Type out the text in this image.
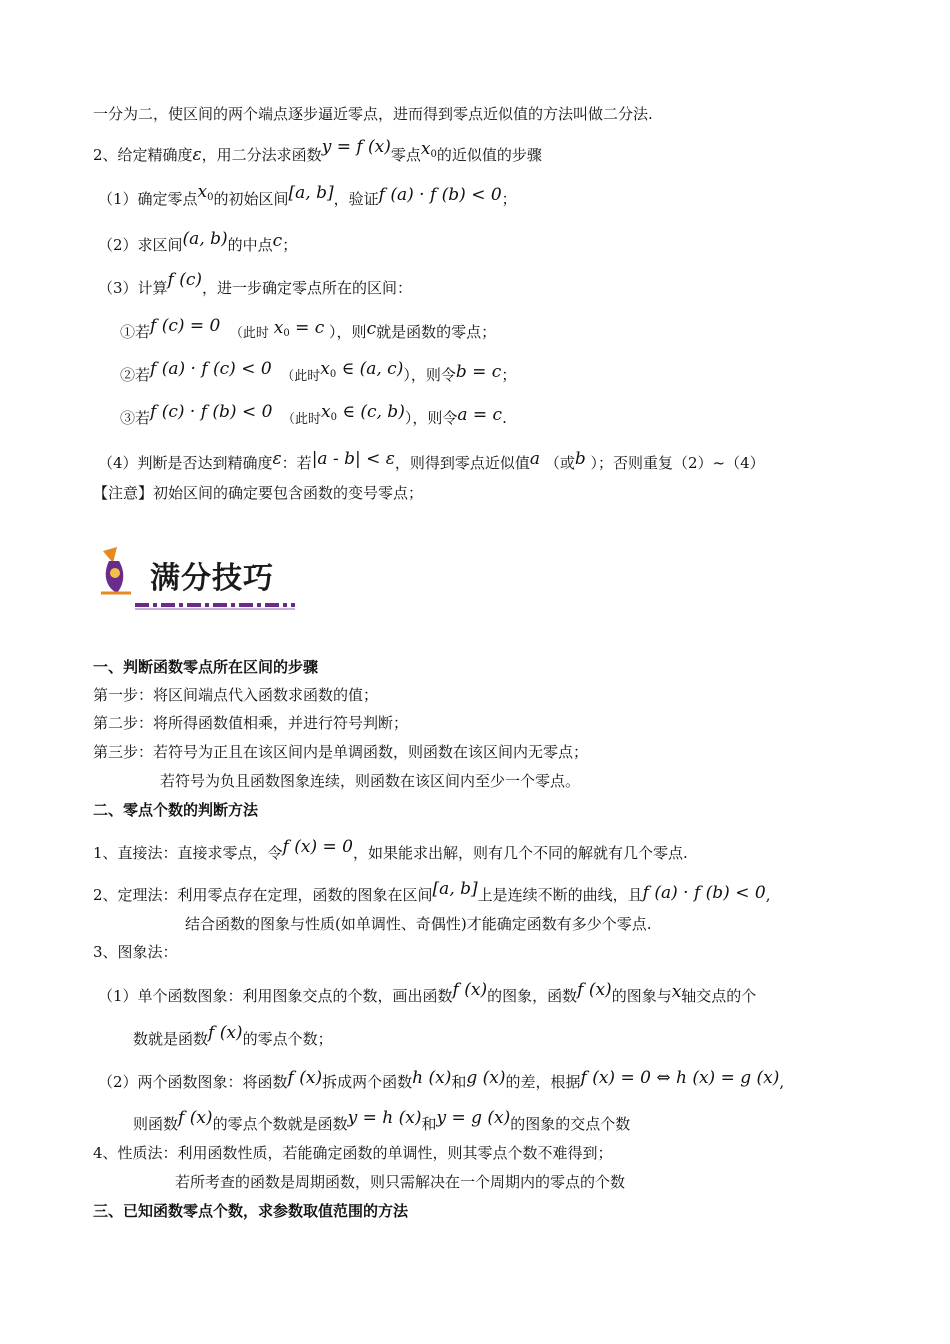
一分为二，使区间的两个端点逐步逼近零点，进而得到零点近似值的方法叫做二分法.
2、给定精确度ε，用二分法求函数y = f (x)零点$x_0$的近似值的步骤
（1）确定零点$x_0$的初始区间[a, b]，验证f (a) · f (b) < 0；
（2）求区间(a, b)的中点c；
（3）计算f (c)，进一步确定零点所在的区间：
①若f (c) = 0 （此时 $x_0 = c$ ），则c就是函数的零点；
②若f (a) · f (c) < 0 （此时$x_0$ ∈ (a, c)），则令b = c；
③若f (c) · f (b) < 0 （此时$x_0$ ∈ (c, b)），则令a = c.
（4）判断是否达到精确度ε：若|a - b| < ε，则得到零点近似值a （或b ）；否则重复（2）~（4）
【注意】初始区间的确定要包含函数的变号零点；
满分技巧
一、判断函数零点所在区间的步骤
第一步：将区间端点代入函数求函数的值；
第二步：将所得函数值相乘，并进行符号判断；
第三步：若符号为正且在该区间内是单调函数，则函数在该区间内无零点；
若符号为负且函数图象连续，则函数在该区间内至少一个零点。
二、零点个数的判断方法
1、直接法：直接求零点，令f (x) = 0，如果能求出解，则有几个不同的解就有几个零点.
2、定理法：利用零点存在定理，函数的图象在区间[a, b]上是连续不断的曲线，且f (a) · f (b) < 0,
结合函数的图象与性质(如单调性、奇偶性)才能确定函数有多少个零点.
3、图象法：
（1）单个函数图象：利用图象交点的个数，画出函数f (x)的图象，函数f (x)的图象与x轴交点的个
数就是函数f (x)的零点个数；
（2）两个函数图象：将函数f (x)拆成两个函数h (x)和g (x)的差，根据f (x) = 0 ⇔ h (x) = g (x),
则函数f (x)的零点个数就是函数y = h (x)和y = g (x)的图象的交点个数
4、性质法：利用函数性质，若能确定函数的单调性，则其零点个数不难得到；
若所考查的函数是周期函数，则只需解决在一个周期内的零点的个数
三、已知函数零点个数，求参数取值范围的方法
